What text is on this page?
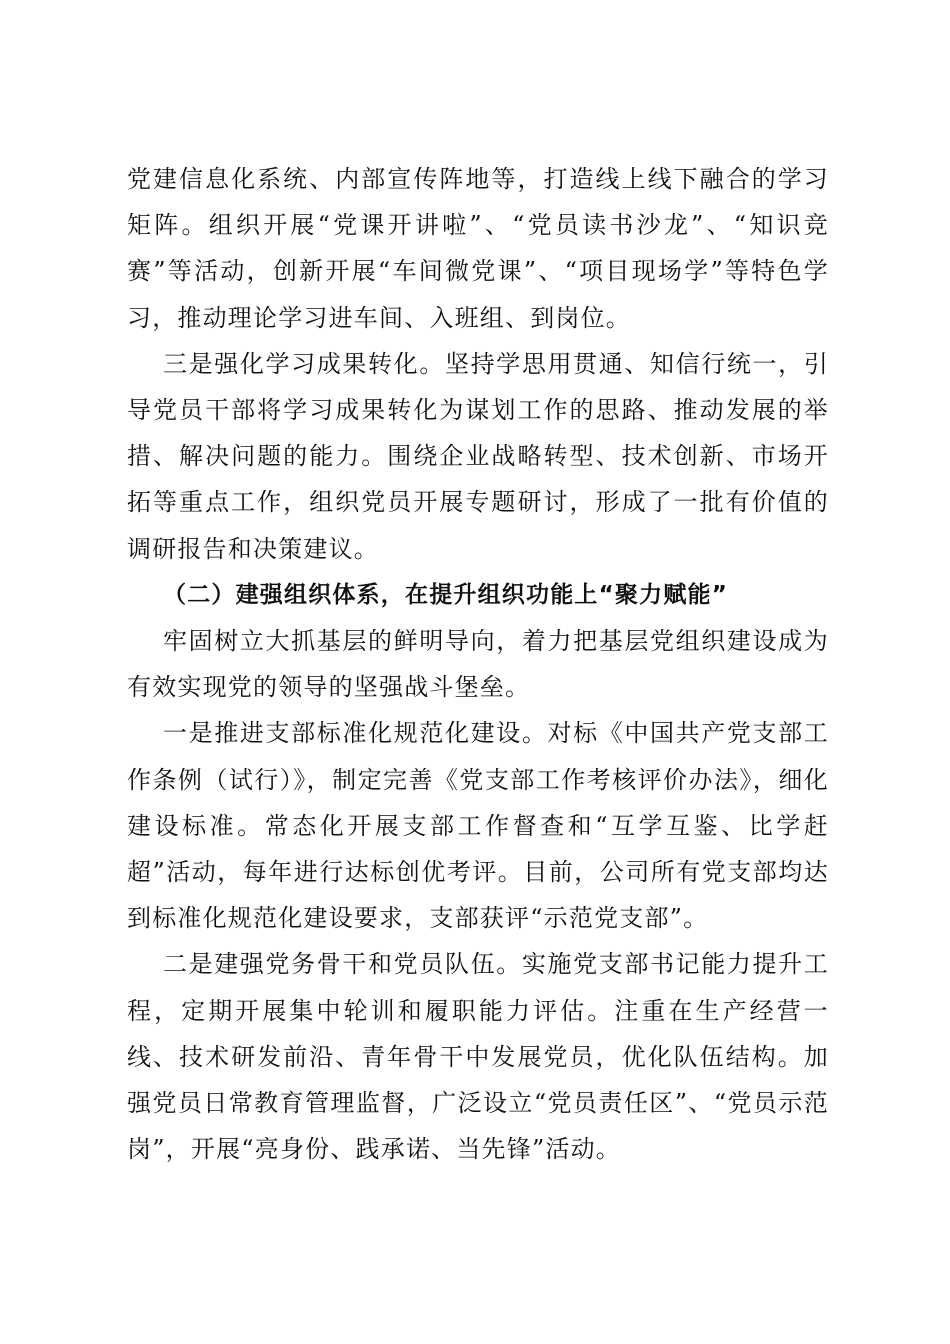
党建信息化系统、内部宣传阵地等，打造线上线下融合的学习矩阵。组织开展“党课开讲啦”、“党员读书沙龙”、“知识竞赛”等活动，创新开展“车间微党课”、“项目现场学”等特色学习，推动理论学习进车间、入班组、到岗位。

三是强化学习成果转化。坚持学思用贯通、知信行统一，引导党员干部将学习成果转化为谋划工作的思路、推动发展的举措、解决问题的能力。围绕企业战略转型、技术创新、市场开拓等重点工作，组织党员开展专题研讨，形成了一批有价值的调研报告和决策建议。

（二）建强组织体系，在提升组织功能上“聚力赋能”

牢固树立大抓基层的鲜明导向，着力把基层党组织建设成为有效实现党的领导的坚强战斗堡垒。

一是推进支部标准化规范化建设。对标《中国共产党支部工作条例（试行）》，制定完善《党支部工作考核评价办法》，细化建设标准。常态化开展支部工作督查和“互学互鉴、比学赶超”活动，每年进行达标创优考评。目前，公司所有党支部均达到标准化规范化建设要求，支部获评“示范党支部”。

二是建强党务骨干和党员队伍。实施党支部书记能力提升工程，定期开展集中轮训和履职能力评估。注重在生产经营一线、技术研发前沿、青年骨干中发展党员，优化队伍结构。加强党员日常教育管理监督，广泛设立“党员责任区”、“党员示范岗”，开展“亮身份、践承诺、当先锋”活动。
